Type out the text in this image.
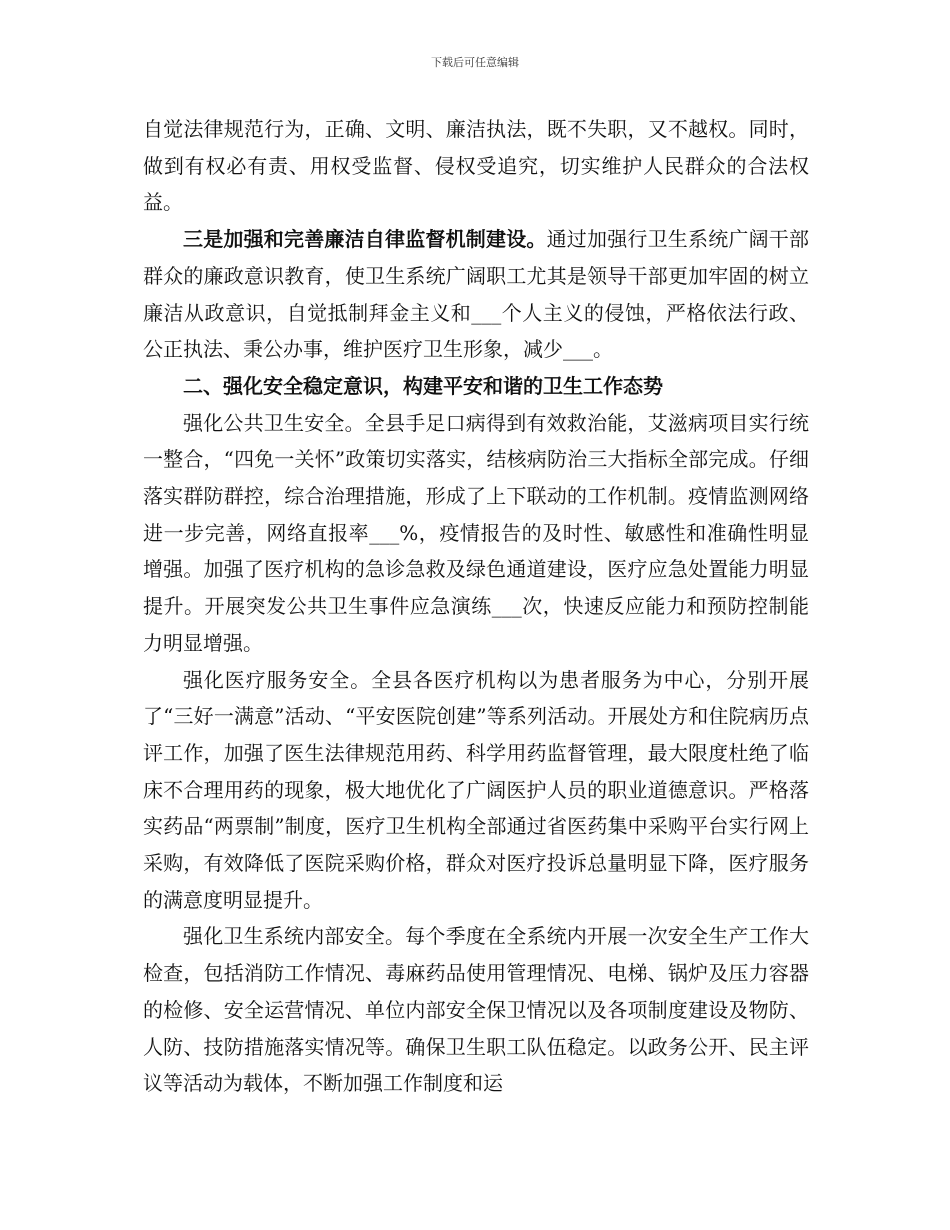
下载后可任意编辑

自觉法律规范行为，正确、文明、廉洁执法，既不失职，又不越权。同时，做到有权必有责、用权受监督、侵权受追究，切实维护人民群众的合法权益。

三是加强和完善廉洁自律监督机制建设。通过加强行卫生系统广阔干部群众的廉政意识教育，使卫生系统广阔职工尤其是领导干部更加牢固的树立廉洁从政意识，自觉抵制拜金主义和___个人主义的侵蚀，严格依法行政、公正执法、秉公办事，维护医疗卫生形象，减少___。

二、强化安全稳定意识，构建平安和谐的卫生工作态势

强化公共卫生安全。全县手足口病得到有效救治能，艾滋病项目实行统一整合，“四免一关怀”政策切实落实，结核病防治三大指标全部完成。仔细落实群防群控，综合治理措施，形成了上下联动的工作机制。疫情监测网络进一步完善，网络直报率___%，疫情报告的及时性、敏感性和准确性明显增强。加强了医疗机构的急诊急救及绿色通道建设，医疗应急处置能力明显提升。开展突发公共卫生事件应急演练___次，快速反应能力和预防控制能力明显增强。

强化医疗服务安全。全县各医疗机构以为患者服务为中心，分别开展了“三好一满意”活动、“平安医院创建”等系列活动。开展处方和住院病历点评工作，加强了医生法律规范用药、科学用药监督管理，最大限度杜绝了临床不合理用药的现象，极大地优化了广阔医护人员的职业道德意识。严格落实药品“两票制”制度，医疗卫生机构全部通过省医药集中采购平台实行网上采购，有效降低了医院采购价格，群众对医疗投诉总量明显下降，医疗服务的满意度明显提升。

强化卫生系统内部安全。每个季度在全系统内开展一次安全生产工作大检查，包括消防工作情况、毒麻药品使用管理情况、电梯、锅炉及压力容器的检修、安全运营情况、单位内部安全保卫情况以及各项制度建设及物防、人防、技防措施落实情况等。确保卫生职工队伍稳定。以政务公开、民主评议等活动为载体，不断加强工作制度和运
